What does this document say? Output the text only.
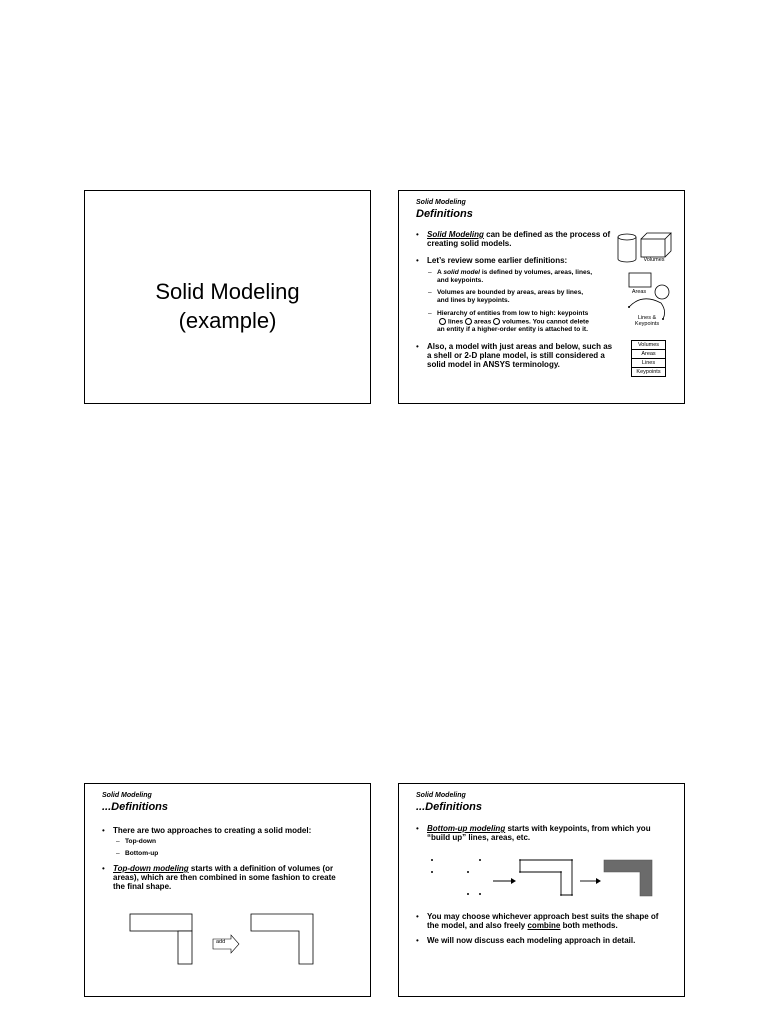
Solid Modeling
(example)
Solid Modeling
Definitions
• Solid Modeling can be defined as the process of
creating solid models.
• Let’s review some earlier definitions:
– A solid model is defined by volumes, areas, lines,
and keypoints.
– Volumes are bounded by areas, areas by lines,
and lines by keypoints.
– Hierarchy of entities from low to high: keypoints
lines areas volumes. You cannot delete
an entity if a higher-order entity is attached to it.
• Also, a model with just areas and below, such as
a shell or 2-D plane model, is still considered a
solid model in ANSYS terminology.
Volumes
Areas
Lines &
Keypoints
Volumes
Areas
Lines
Keypoints
Solid Modeling
...Definitions
• There are two approaches to creating a solid model:
– Top-down
– Bottom-up
• Top-down modeling starts with a definition of volumes (or
areas), which are then combined in some fashion to create
the final shape.
add
Solid Modeling
...Definitions
• Bottom-up modeling starts with keypoints, from which you
“build up” lines, areas, etc.
• You may choose whichever approach best suits the shape of
the model, and also freely combine both methods.
• We will now discuss each modeling approach in detail.
